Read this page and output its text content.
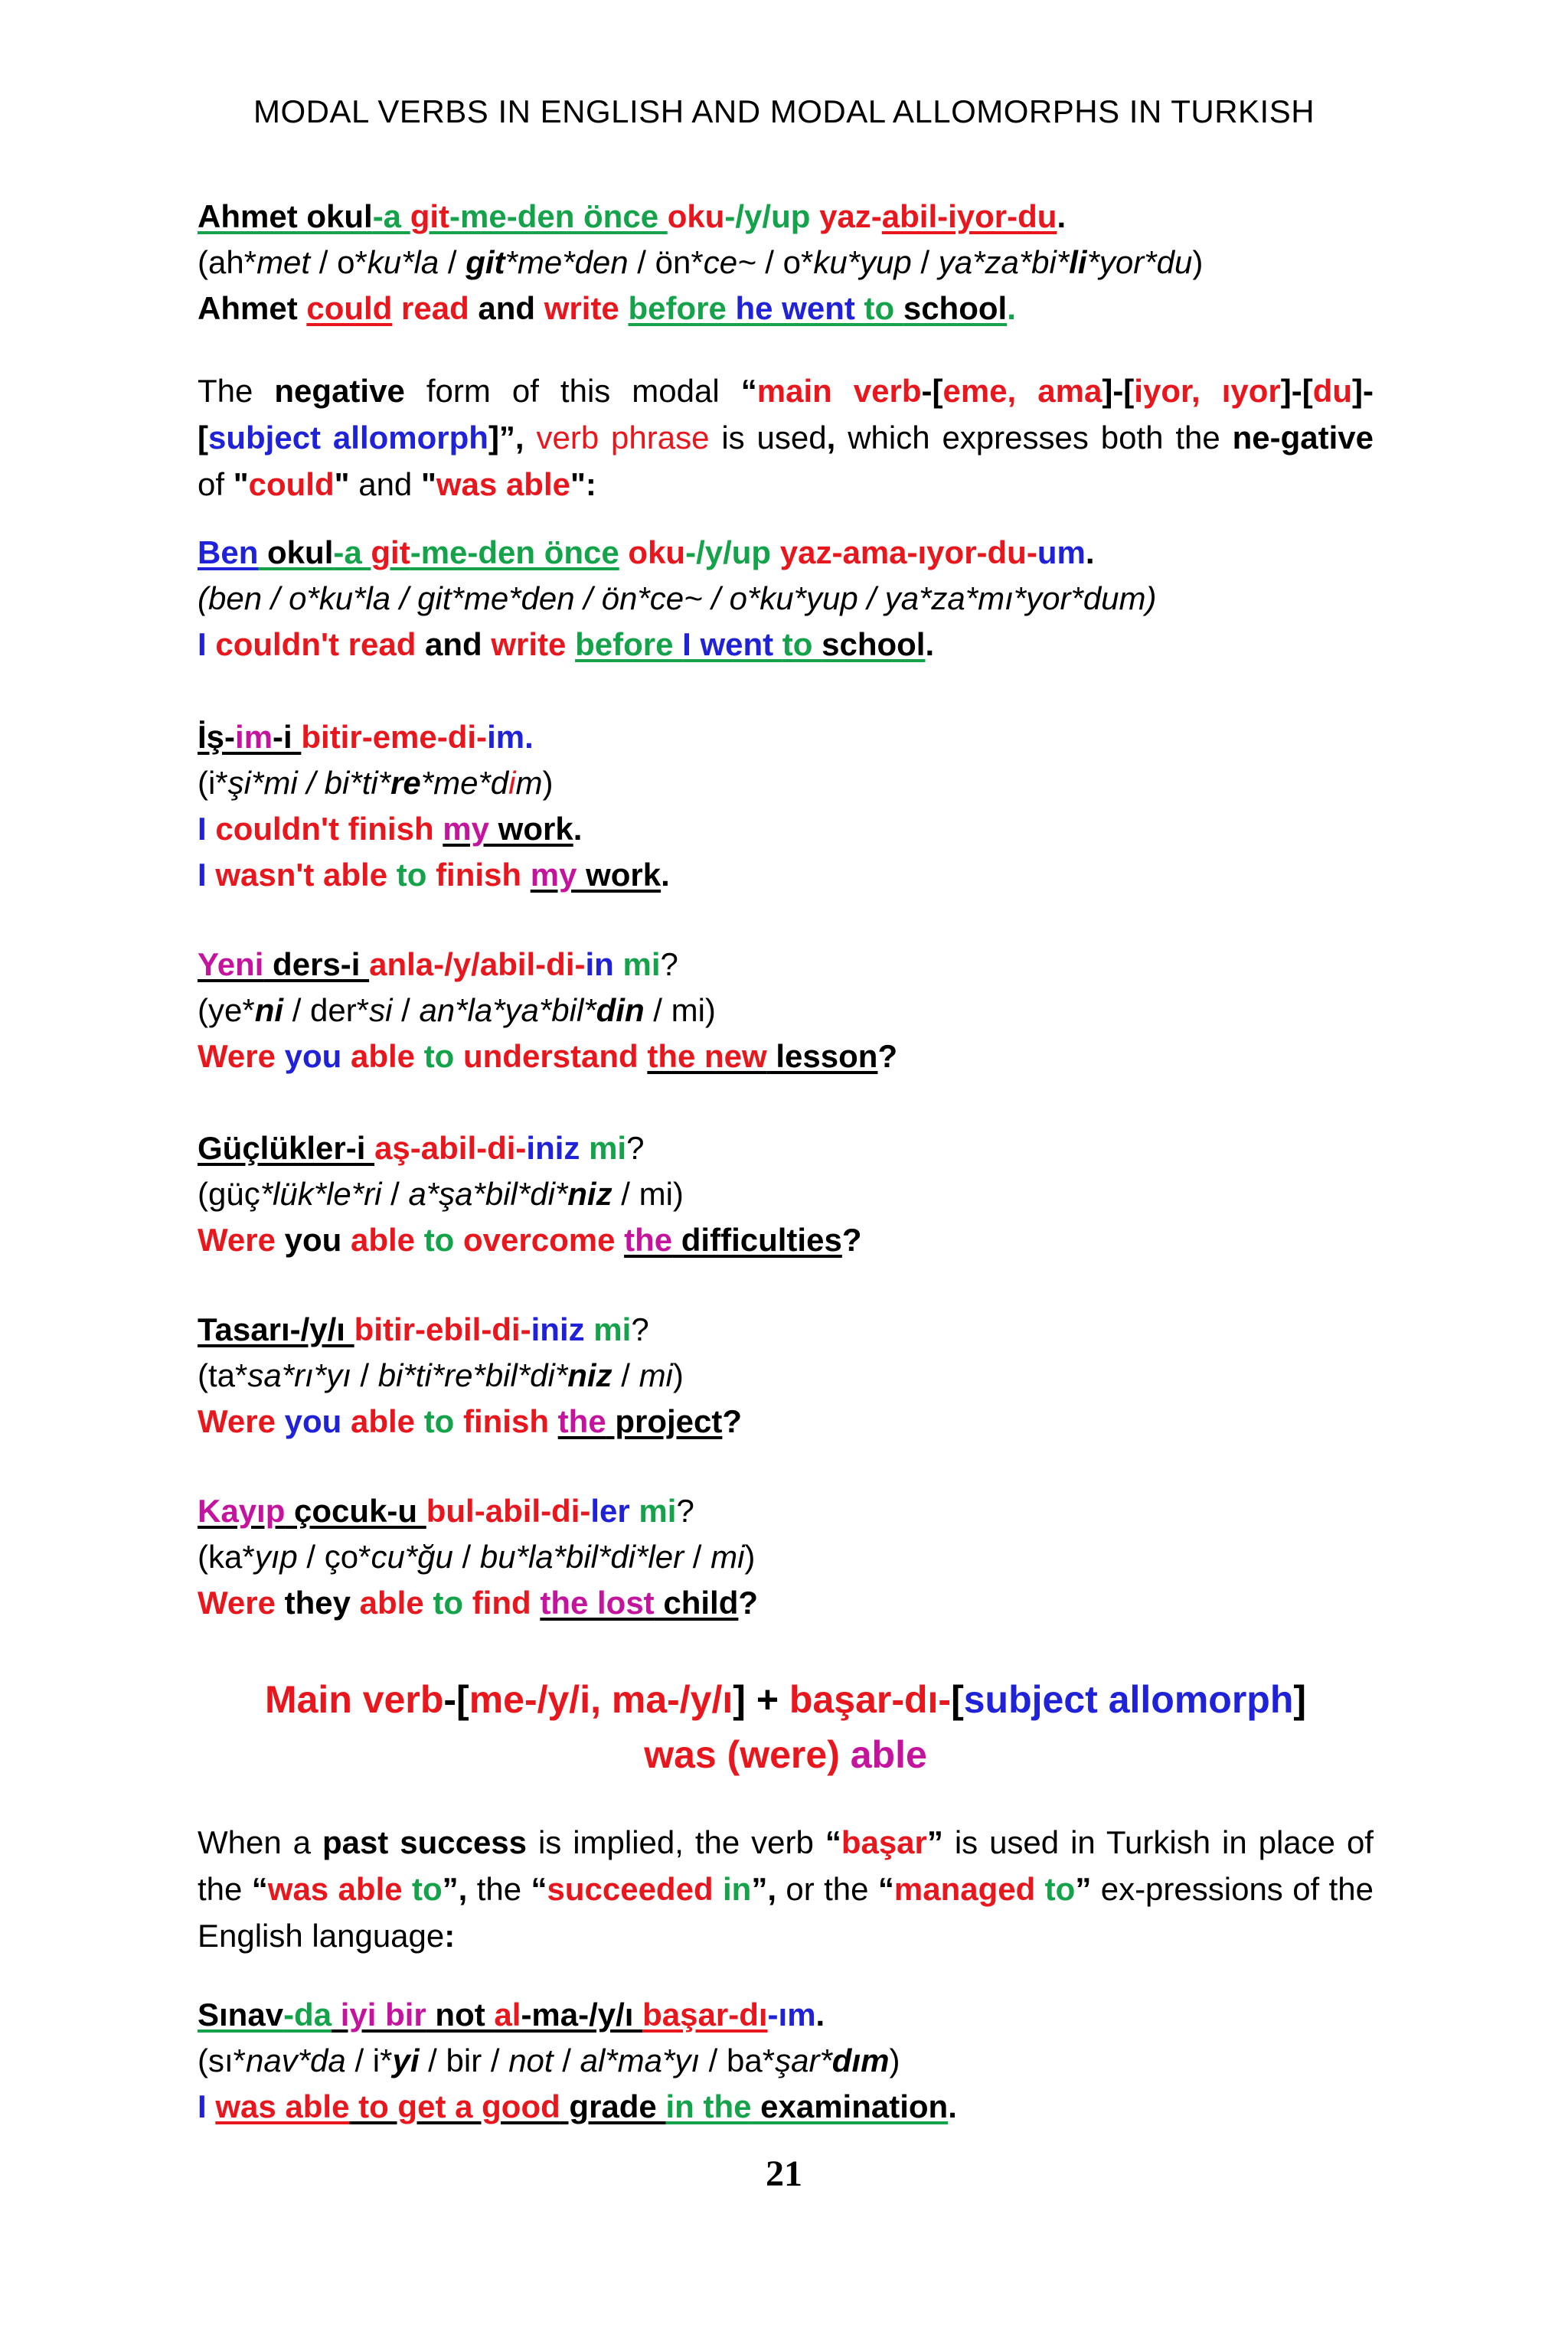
MODAL VERBS IN ENGLISH AND MODAL ALLOMORPHS IN TURKISH
Ahmet okul-a git-me-den önce oku-/y/up yaz-abil-iyor-du.
(ah*met / o*ku*la / git*me*den / ön*ce~ / o*ku*yup / ya*za*bi*li*yor*du)
Ahmet could read and write before he went to school.
The negative form of this modal “main verb-[eme, ama]-[iyor, ıyor]-[du]-[subject allomorph]”, verb phrase is used, which expresses both the ne-gative of "could" and "was able":
Ben okul-a git-me-den önce oku-/y/up yaz-ama-ıyor-du-um.
(ben / o*ku*la / git*me*den / ön*ce~ / o*ku*yup / ya*za*mı*yor*dum)
I couldn't read and write before I went to school.
İş-im-i bitir-eme-di-im.
(i*şi*mi / bi*ti*re*me*dim)
I couldn't finish my work.
I wasn't able to finish my work.
Yeni ders-i anla-/y/abil-di-in mi?
(ye*ni / der*si / an*la*ya*bil*din / mi)
Were you able to understand the new lesson?
Güçlükler-i aş-abil-di-iniz mi?
(güç*lük*le*ri / a*şa*bil*di*niz / mi)
Were you able to overcome the difficulties?
Tasarı-/y/ı bitir-ebil-di-iniz mi?
(ta*sa*rı*yı / bi*ti*re*bil*di*niz / mi)
Were you able to finish the project?
Kayıp çocuk-u bul-abil-di-ler mi?
(ka*yıp / ço*cu*ğu / bu*la*bil*di*ler / mi)
Were they able to find the lost child?
Main verb-[me-/y/i, ma-/y/ı] + başar-dı-[subject allomorph]
was (were) able
When a past success is implied, the verb “başar” is used in Turkish in place of the “was able to”, the “succeeded in”, or the “managed to” ex-pressions of the English language:
Sınav-da iyi bir not al-ma-/y/ı başar-dı-ım.
(sı*nav*da / i*yi / bir / not / al*ma*yı / ba*şar*dım)
I was able to get a good grade in the examination.
21
